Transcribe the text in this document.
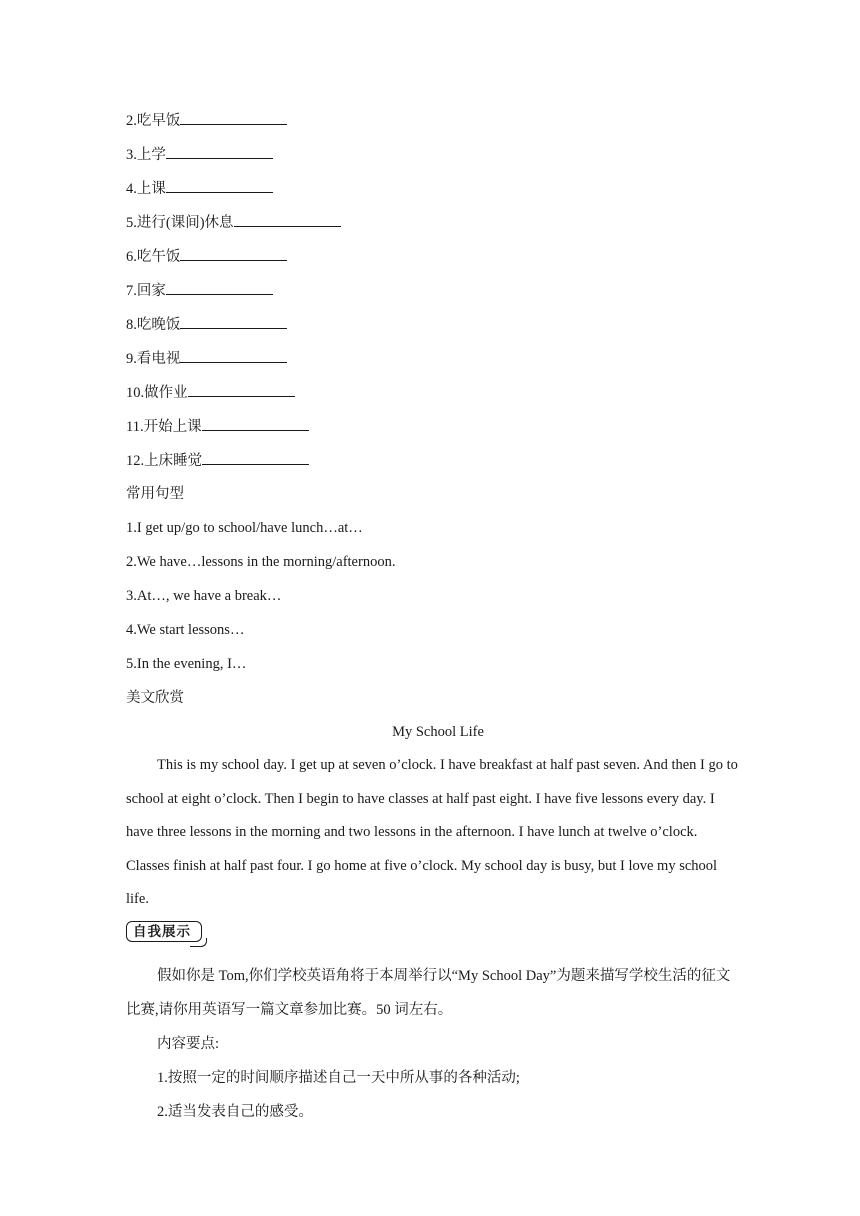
2.吃早饭
3.上学
4.上课
5.进行(课间)休息
6.吃午饭
7.回家
8.吃晚饭
9.看电视
10.做作业
11.开始上课
12.上床睡觉
常用句型
1.I get up/go to school/have lunch…at…
2.We have…lessons in the morning/afternoon.
3.At…, we have a break…
4.We start lessons…
5.In the evening, I…
美文欣赏
My School Life

This is my school day. I get up at seven o’clock. I have breakfast at half past seven. And then I go to school at eight o’clock. Then I begin to have classes at half past eight. I have five lessons every day. I have three lessons in the morning and two lessons in the afternoon. I have lunch at twelve o’clock. Classes finish at half past four. I go home at five o’clock. My school day is busy, but I love my school life.

自我展示

假如你是 Tom,你们学校英语角将于本周举行以“My School Day”为题来描写学校生活的征文比赛,请你用英语写一篇文章参加比赛。50 词左右。

内容要点:

1.按照一定的时间顺序描述自己一天中所从事的各种活动;

2.适当发表自己的感受。
